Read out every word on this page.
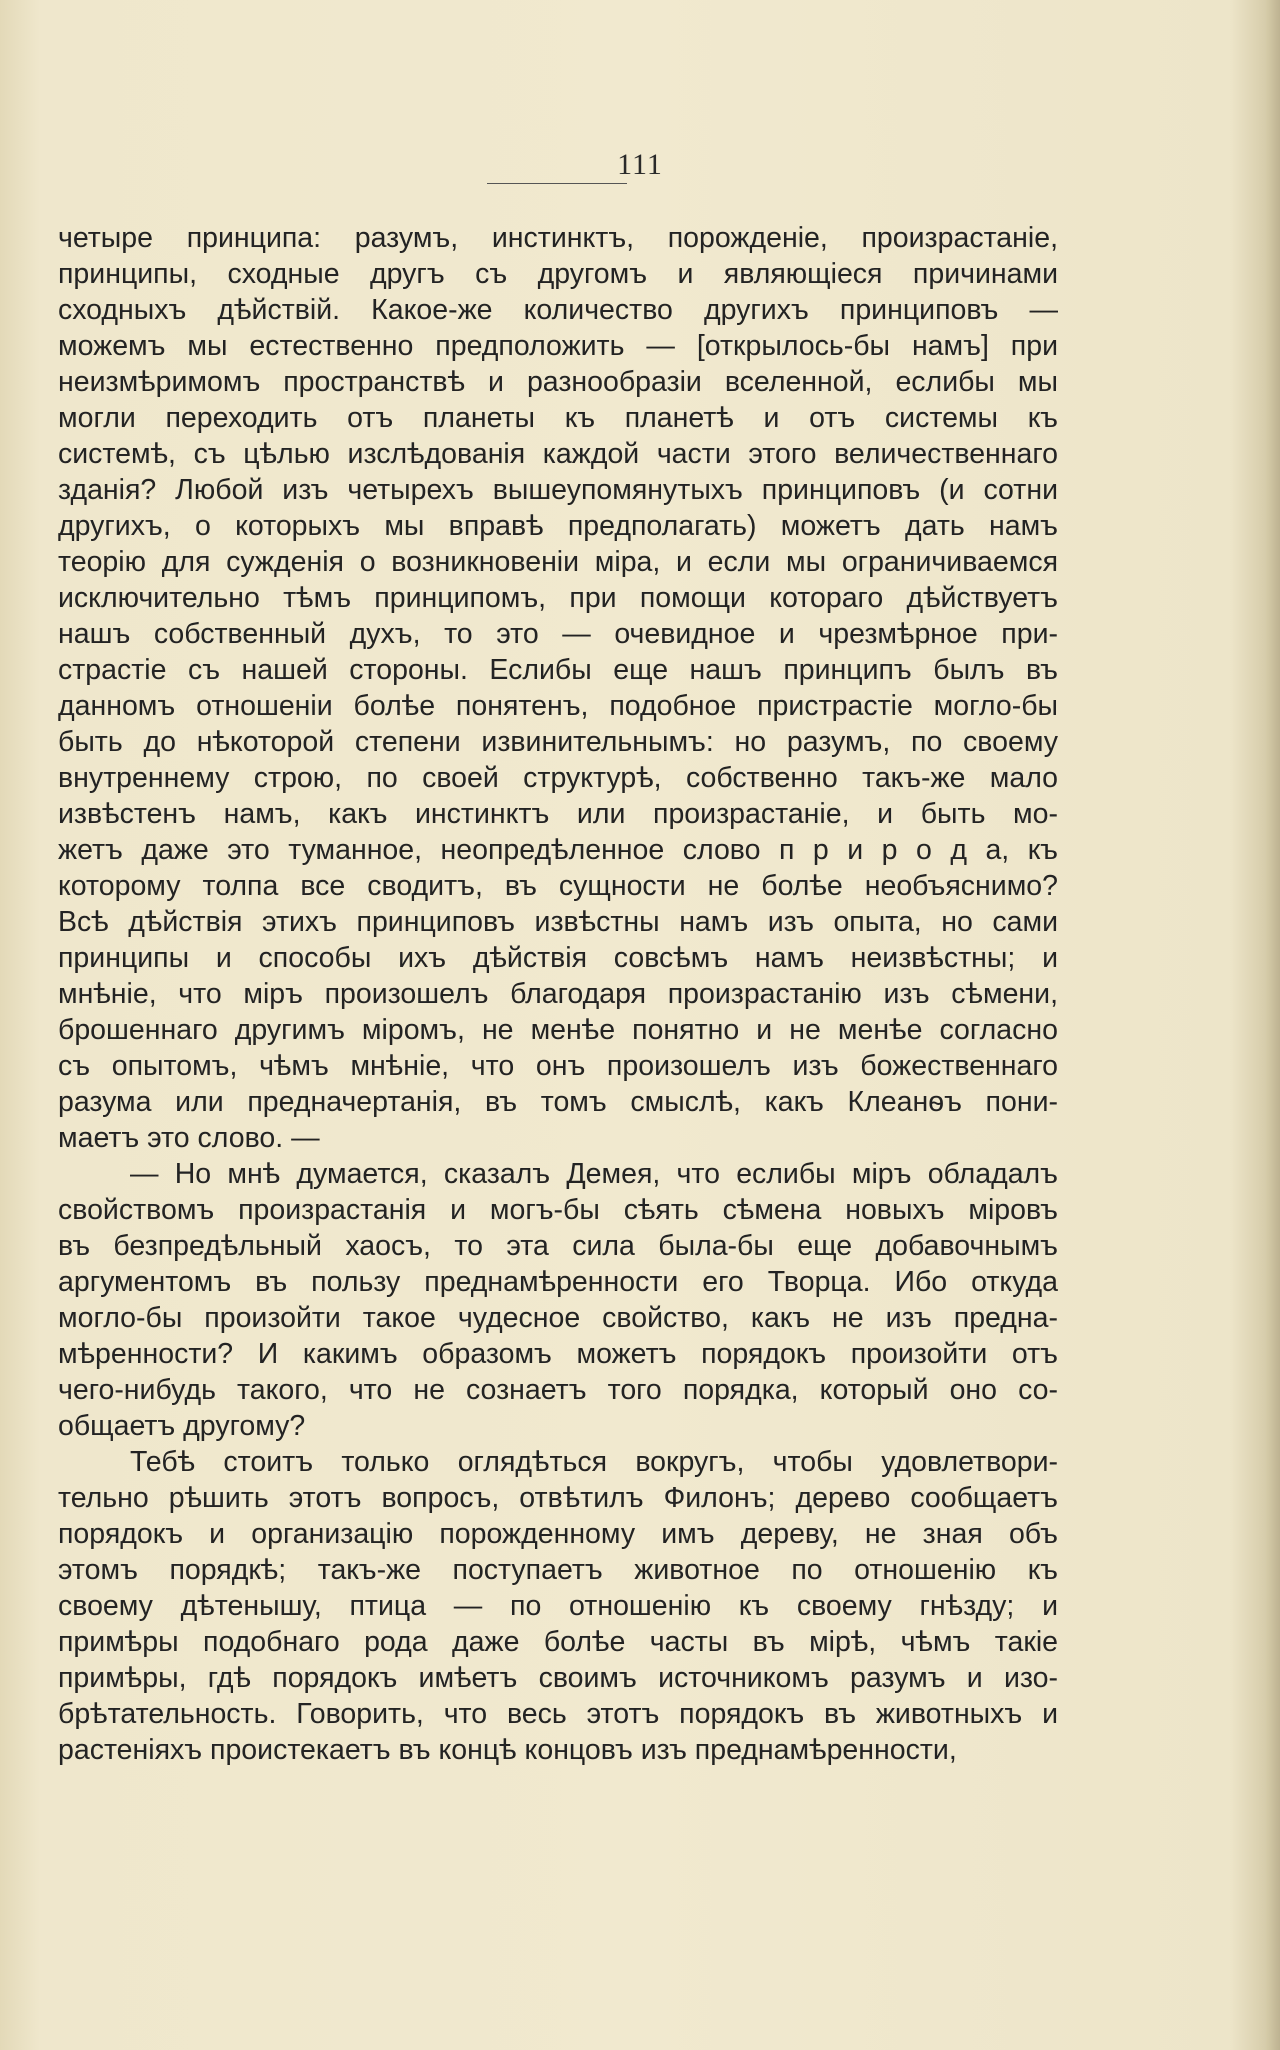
111
четыре принципа: разумъ, инстинктъ, порожденіе, произрастаніе,
принципы, сходные другъ съ другомъ и являющіеся причинами
сходныхъ дѣйствій. Какое-же количество другихъ принциповъ —
можемъ мы естественно предположить — [открылось-бы намъ] при
неизмѣримомъ пространствѣ и разнообразіи вселенной, еслибы мы
могли переходить отъ планеты къ планетѣ и отъ системы къ
системѣ, съ цѣлью изслѣдованія каждой части этого величественнаго
зданія? Любой изъ четырехъ вышеупомянутыхъ принциповъ (и сотни
другихъ, о которыхъ мы вправѣ предполагать) можетъ дать намъ
теорію для сужденія о возникновеніи міра, и если мы ограничиваемся
исключительно тѣмъ принципомъ, при помощи котораго дѣйствуетъ
нашъ собственный духъ, то это — очевидное и чрезмѣрное при-
страстіе съ нашей стороны. Еслибы еще нашъ принципъ былъ въ
данномъ отношеніи болѣе понятенъ, подобное пристрастіе могло-бы
быть до нѣкоторой степени извинительнымъ: но разумъ, по своему
внутреннему строю, по своей структурѣ, собственно такъ-же мало
извѣстенъ намъ, какъ инстинктъ или произрастаніе, и быть мо-
жетъ даже это туманное, неопредѣленное слово п р и р о д а, къ
которому толпа все сводитъ, въ сущности не болѣе необъяснимо?
Всѣ дѣйствія этихъ принциповъ извѣстны намъ изъ опыта, но сами
принципы и способы ихъ дѣйствія совсѣмъ намъ неизвѣстны; и
мнѣніе, что міръ произошелъ благодаря произрастанію изъ сѣмени,
брошеннаго другимъ міромъ, не менѣе понятно и не менѣе согласно
съ опытомъ, чѣмъ мнѣніе, что онъ произошелъ изъ божественнаго
разума или предначертанія, въ томъ смыслѣ, какъ Клеанѳъ пони-
маетъ это слово. —
— Но мнѣ думается, сказалъ Демея, что еслибы міръ обладалъ
свойствомъ произрастанія и могъ-бы сѣять сѣмена новыхъ міровъ
въ безпредѣльный хаосъ, то эта сила была-бы еще добавочнымъ
аргументомъ въ пользу преднамѣренности его Творца. Ибо откуда
могло-бы произойти такое чудесное свойство, какъ не изъ предна-
мѣренности? И какимъ образомъ можетъ порядокъ произойти отъ
чего-нибудь такого, что не сознаетъ того порядка, который оно со-
общаетъ другому?
Тебѣ стоитъ только оглядѣться вокругъ, чтобы удовлетвори-
тельно рѣшить этотъ вопросъ, отвѣтилъ Филонъ; дерево сообщаетъ
порядокъ и организацію порожденному имъ дереву, не зная объ
этомъ порядкѣ; такъ-же поступаетъ животное по отношенію къ
своему дѣтенышу, птица — по отношенію къ своему гнѣзду; и
примѣры подобнаго рода даже болѣе часты въ мірѣ, чѣмъ такіе
примѣры, гдѣ порядокъ имѣетъ своимъ источникомъ разумъ и изо-
брѣтательность. Говорить, что весь этотъ порядокъ въ животныхъ и
растеніяхъ проистекаетъ въ концѣ концовъ изъ преднамѣренности,
